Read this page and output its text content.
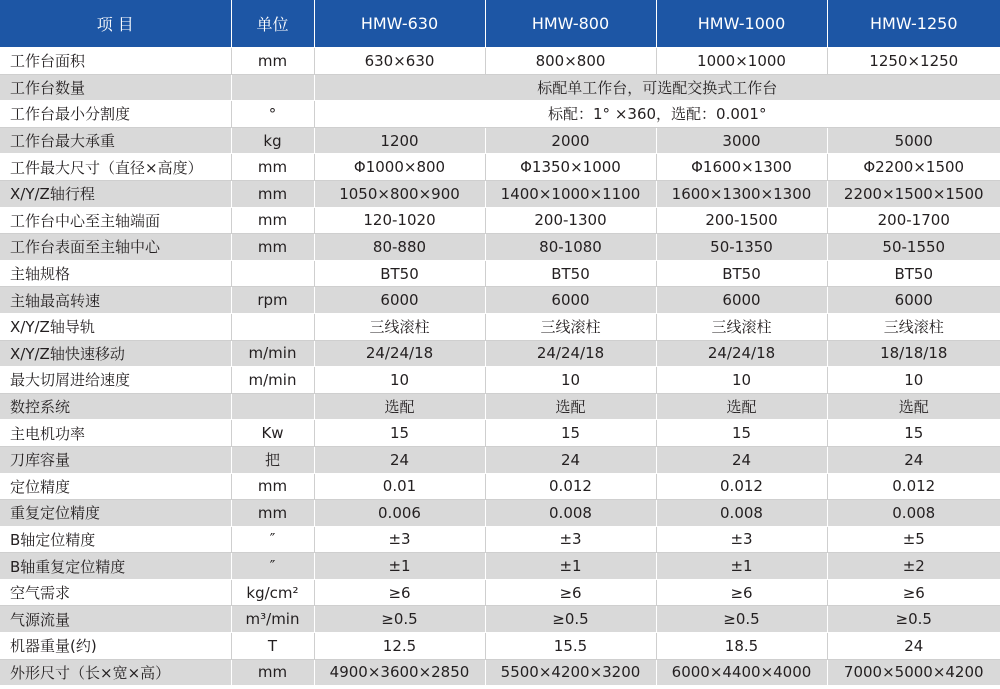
项 目	单位	HMW-630	HMW-800	HMW-1000	HMW-1250
工作台面积	mm	630×630	800×800	1000×1000	1250×1250
工作台数量		标配单工作台，可选配交换式工作台			
工作台最小分割度	°	标配：1° ×360，选配：0.001°			
工作台最大承重	kg	1200	2000	3000	5000
工件最大尺寸（直径×高度）	mm	Φ1000×800	Φ1350×1000	Φ1600×1300	Φ2200×1500
X/Y/Z轴行程	mm	1050×800×900	1400×1000×1100	1600×1300×1300	2200×1500×1500
工作台中心至主轴端面	mm	120-1020	200-1300	200-1500	200-1700
工作台表面至主轴中心	mm	80-880	80-1080	50-1350	50-1550
主轴规格		BT50	BT50	BT50	BT50
主轴最高转速	rpm	6000	6000	6000	6000
X/Y/Z轴导轨		三线滚柱	三线滚柱	三线滚柱	三线滚柱
X/Y/Z轴快速移动	m/min	24/24/18	24/24/18	24/24/18	18/18/18
最大切屑进给速度	m/min	10	10	10	10
数控系统		选配	选配	选配	选配
主电机功率	Kw	15	15	15	15
刀库容量	把	24	24	24	24
定位精度	mm	0.01	0.012	0.012	0.012
重复定位精度	mm	0.006	0.008	0.008	0.008
B轴定位精度	″	±3	±3	±3	±5
B轴重复定位精度	″	±1	±1	±1	±2
空气需求	kg/cm²	≥6	≥6	≥6	≥6
气源流量	m³/min	≥0.5	≥0.5	≥0.5	≥0.5
机器重量(约)	T	12.5	15.5	18.5	24
外形尺寸（长×宽×高）	mm	4900×3600×2850	5500×4200×3200	6000×4400×4000	7000×5000×4200
